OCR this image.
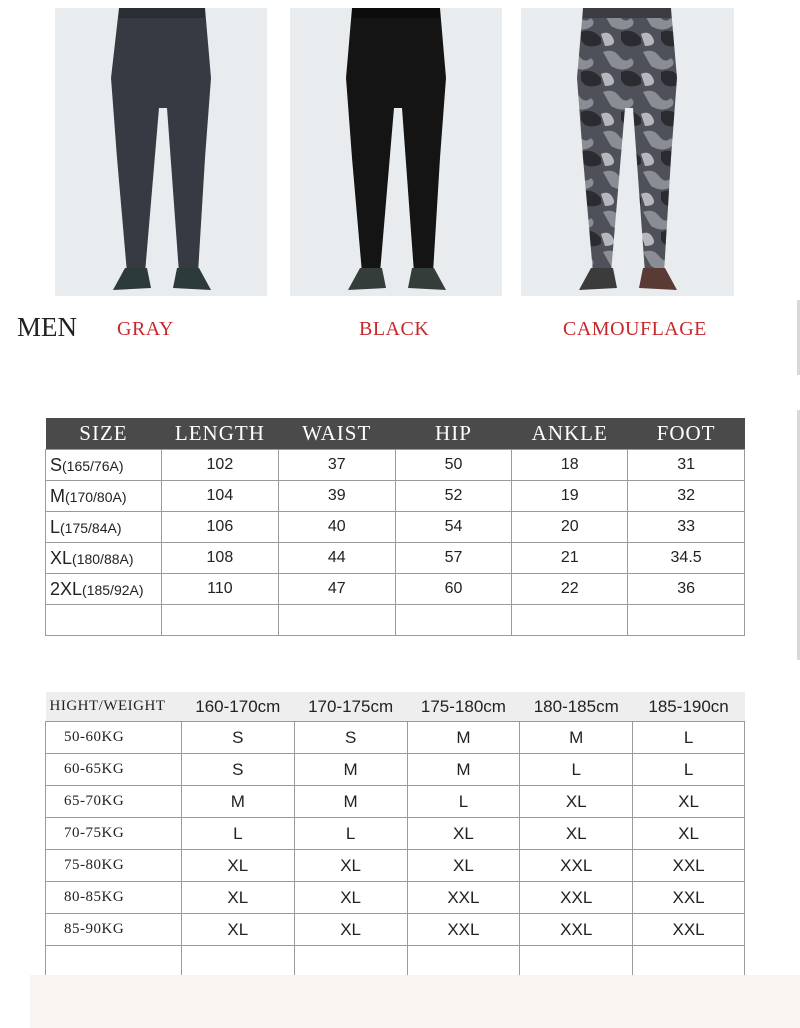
MEN GRAY	BLACK	CAMOUFLAGE
SIZE	LENGTH	WAIST	HIP	ANKLE	FOOT
S(165/76A)	102	37	50	18	31
M(170/80A)	104	39	52	19	32
L(175/84A)	106	40	54	20	33
XL(180/88A)	108	44	57	21	34.5
2XL(185/92A)	110	47	60	22	36

HIGHT/WEIGHT	160-170cm	170-175cm	175-180cm	180-185cm	185-190cn
50-60KG	S	S	M	M	L
60-65KG	S	M	M	L	L
65-70KG	M	M	L	XL	XL
70-75KG	L	L	XL	XL	XL
75-80KG	XL	XL	XL	XXL	XXL
80-85KG	XL	XL	XXL	XXL	XXL
85-90KG	XL	XL	XXL	XXL	XXL
